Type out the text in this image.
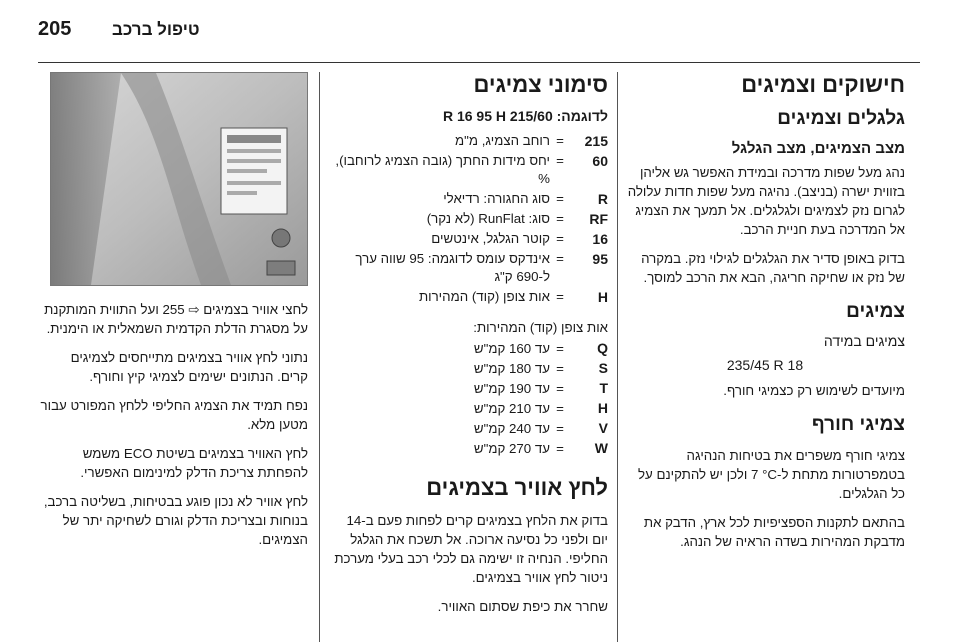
205 טיפול ברכב
חישוקים וצמיגים
גלגלים וצמיגים
מצב הצמיגים, מצב הגלגל

נהג מעל שפות מדרכה ובמידת האפשר גש אליהן בזווית ישרה (בניצב). נהיגה מעל שפות חדות עלולה לגרום נזק לצמיגים ולגלגלים. אל תמעך את הצמיג אל המדרכה בעת חניית הרכב.

בדוק באופן סדיר את הגלגלים לגילוי נזק. במקרה של נזק או שחיקה חריגה, הבא את הרכב למוסך.

צמיגים
צמיגים במידה
235/45 R 18

מיועדים לשימוש רק כצמיגי חורף.

צמיגי חורף

צמיגי חורף משפרים את בטיחות הנהיגה בטמפרטורות מתחת ל-‎7 °C ולכן יש להתקינם על כל הגלגלים.

בהתאם לתקנות הספציפיות לכל ארץ, הדבק את מדבקת המהירות בשדה הראיה של הנהג.

סימוני צמיגים
לדוגמה: 215/60 R 16 95 H
215	=	רוחב הצמיג, מ"מ
60	=	יחס מידות החתך (גובה הצמיג לרוחבו), %
R	=	סוג החגורה: רדיאלי
RF	=	סוג: RunFlat (לא נקר)
16	=	קוטר הגלגל, אינטשים
95	=	אינדקס עומס לדוגמה: 95 שווה ערך ל-690 ק"ג
H	=	אות צופן (קוד) המהירות
אות צופן (קוד) המהירות:
Q	=	עד 160 קמ"ש
S	=	עד 180 קמ"ש
T	=	עד 190 קמ"ש
H	=	עד 210 קמ"ש
V	=	עד 240 קמ"ש
W	=	עד 270 קמ"ש
לחץ אוויר בצמיגים

בדוק את הלחץ בצמיגים קרים לפחות פעם ב-14 יום ולפני כל נסיעה ארוכה. אל תשכח את הגלגל החליפי. הנחיה זו ישימה גם לכלי רכב בעלי מערכת ניטור לחץ אוויר בצמיגים.

שחרר את כיפת שסתום האוויר.

לחצי אוויר בצמיגים ⇨ 255 ועל התווית המותקנת על מסגרת הדלת הקדמית השמאלית או הימנית.

נתוני לחץ אוויר בצמיגים מתייחסים לצמיגים קרים. הנתונים ישימים לצמיגי קיץ וחורף.

נפח תמיד את הצמיג החליפי ללחץ המפורט עבור מטען מלא.

לחץ האוויר בצמיגים בשיטת ECO משמש להפחתת צריכת הדלק למינימום האפשרי.

לחץ אוויר לא נכון פוגע בבטיחות, בשליטה ברכב, בנוחות ובצריכת הדלק וגורם לשחיקה יתר של הצמיגים.
